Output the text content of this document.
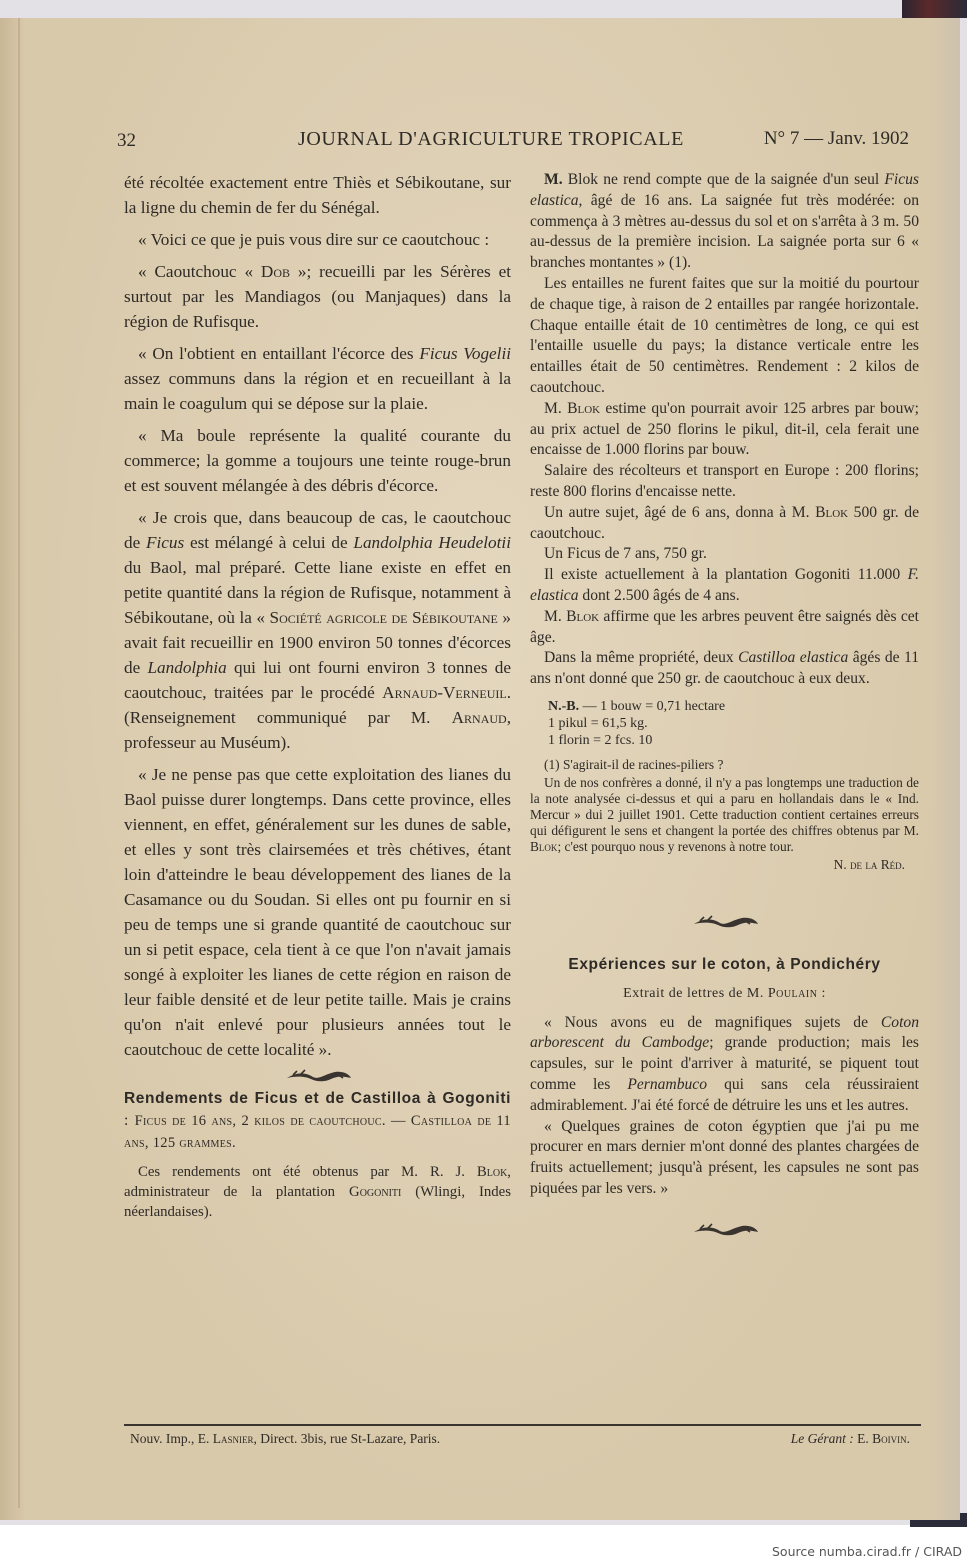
32	JOURNAL D'AGRICULTURE TROPICALE	N° 7 — Janv. 1902

été récoltée exactement entre Thiès et Sébikoutane, sur la ligne du chemin de fer du Sénégal.

« Voici ce que je puis vous dire sur ce caoutchouc :

« Caoutchouc « Dob »; recueilli par les Sérères et surtout par les Mandiagos (ou Manjaques) dans la région de Rufisque.

« On l'obtient en entaillant l'écorce des Ficus Vogelii assez communs dans la région et en recueillant à la main le coagulum qui se dépose sur la plaie.

« Ma boule représente la qualité courante du commerce; la gomme a toujours une teinte rouge-brun et est souvent mélangée à des débris d'écorce.

« Je crois que, dans beaucoup de cas, le caoutchouc de Ficus est mélangé à celui de Landolphia Heudelotii du Baol, mal préparé. Cette liane existe en effet en petite quantité dans la région de Rufisque, notamment à Sébikoutane, où la « Société agricole de Sébikoutane » avait fait recueillir en 1900 environ 50 tonnes d'écorces de Landolphia qui lui ont fourni environ 3 tonnes de caoutchouc, traitées par le procédé Arnaud-Verneuil. (Renseignement communiqué par M. Arnaud, professeur au Muséum).

« Je ne pense pas que cette exploitation des lianes du Baol puisse durer longtemps. Dans cette province, elles viennent, en effet, généralement sur les dunes de sable, et elles y sont très clairsemées et très chétives, étant loin d'atteindre le beau développement des lianes de la Casamance ou du Soudan. Si elles ont pu fournir en si peu de temps une si grande quantité de caoutchouc sur un si petit espace, cela tient à ce que l'on n'avait jamais songé à exploiter les lianes de cette région en raison de leur faible densité et de leur petite taille. Mais je crains qu'on n'ait enlevé pour plusieurs années tout le caoutchouc de cette localité ».

Rendements de Ficus et de Castilloa à Gogoniti : Ficus de 16 ans, 2 kilos de caoutchouc. — Castilloa de 11 ans, 125 grammes.

Ces rendements ont été obtenus par M. R. J. Blok, administrateur de la plantation Gogoniti (Wlingi, Indes néerlandaises).

M. Blok ne rend compte que de la saignée d'un seul Ficus elastica, âgé de 16 ans. La saignée fut très modérée: on commença à 3 mètres au-dessus du sol et on s'arrêta à 3 m. 50 au-dessus de la première incision. La saignée porta sur 6 « branches montantes » (1).

Les entailles ne furent faites que sur la moitié du pourtour de chaque tige, à raison de 2 entailles par rangée horizontale. Chaque entaille était de 10 centimètres de long, ce qui est l'entaille usuelle du pays; la distance verticale entre les entailles était de 50 centimètres. Rendement : 2 kilos de caoutchouc.

M. Blok estime qu'on pourrait avoir 125 arbres par bouw; au prix actuel de 250 florins le pikul, dit-il, cela ferait une encaisse de 1.000 florins par bouw.

Salaire des récolteurs et transport en Europe : 200 florins; reste 800 florins d'encaisse nette.

Un autre sujet, âgé de 6 ans, donna à M. Blok 500 gr. de caoutchouc.

Un Ficus de 7 ans, 750 gr.

Il existe actuellement à la plantation Gogoniti 11.000 F. elastica dont 2.500 âgés de 4 ans.

M. Blok affirme que les arbres peuvent être saignés dès cet âge.

Dans la même propriété, deux Castilloa elastica âgés de 11 ans n'ont donné que 250 gr. de caoutchouc à eux deux.

N.-B. — 1 bouw = 0,71 hectare
1 pikul = 61,5 kg.
1 florin = 2 fcs. 10

(1) S'agirait-il de racines-piliers ?

Un de nos confrères a donné, il n'y a pas longtemps une traduction de la note analysée ci-dessus et qui a paru en hollandais dans le « Ind. Mercur » dui 2 juillet 1901. Cette traduction contient certaines erreurs qui défigurent le sens et changent la portée des chiffres obtenus par M. Blok; c'est pourquo nous y revenons à notre tour.

N. de la Réd.

Expériences sur le coton, à Pondichéry

Extrait de lettres de M. Poulain :

« Nous avons eu de magnifiques sujets de Coton arborescent du Cambodge; grande production; mais les capsules, sur le point d'arriver à maturité, se piquent tout comme les Pernambuco qui sans cela réussiraient admirablement. J'ai été forcé de détruire les uns et les autres.

« Quelques graines de coton égyptien que j'ai pu me procurer en mars dernier m'ont donné des plantes chargées de fruits actuellement; jusqu'à présent, les capsules ne sont pas piquées par les vers. »

Nouv. Imp., E. Lasnier, Direct. 3bis, rue St-Lazare, Paris.	Le Gérant : E. Boivin.
Source numba.cirad.fr / CIRAD
